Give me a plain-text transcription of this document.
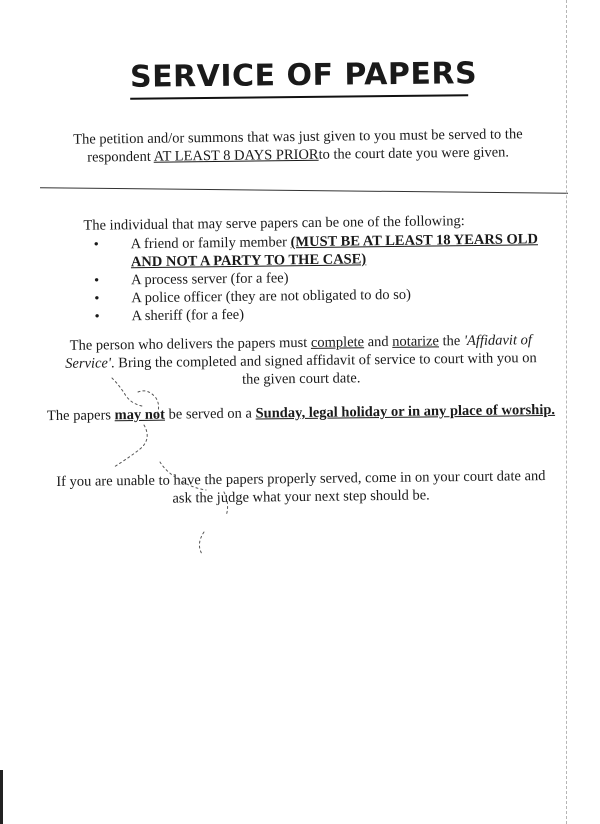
SERVICE OF PAPERS
The petition and/or summons that was just given to you must be served to the respondent AT LEAST 8 DAYS PRIORto the court date you were given.
The individual that may serve papers can be one of the following:
• A friend or family member (MUST BE AT LEAST 18 YEARS OLD AND NOT A PARTY TO THE CASE)
• A process server (for a fee)
• A police officer (they are not obligated to do so)
• A sheriff (for a fee)
The person who delivers the papers must complete and notarize the 'Affidavit of Service'. Bring the completed and signed affidavit of service to court with you on the given court date.
The papers may not be served on a Sunday, legal holiday or in any place of worship.
If you are unable to have the papers properly served, come in on your court date and ask the judge what your next step should be.
